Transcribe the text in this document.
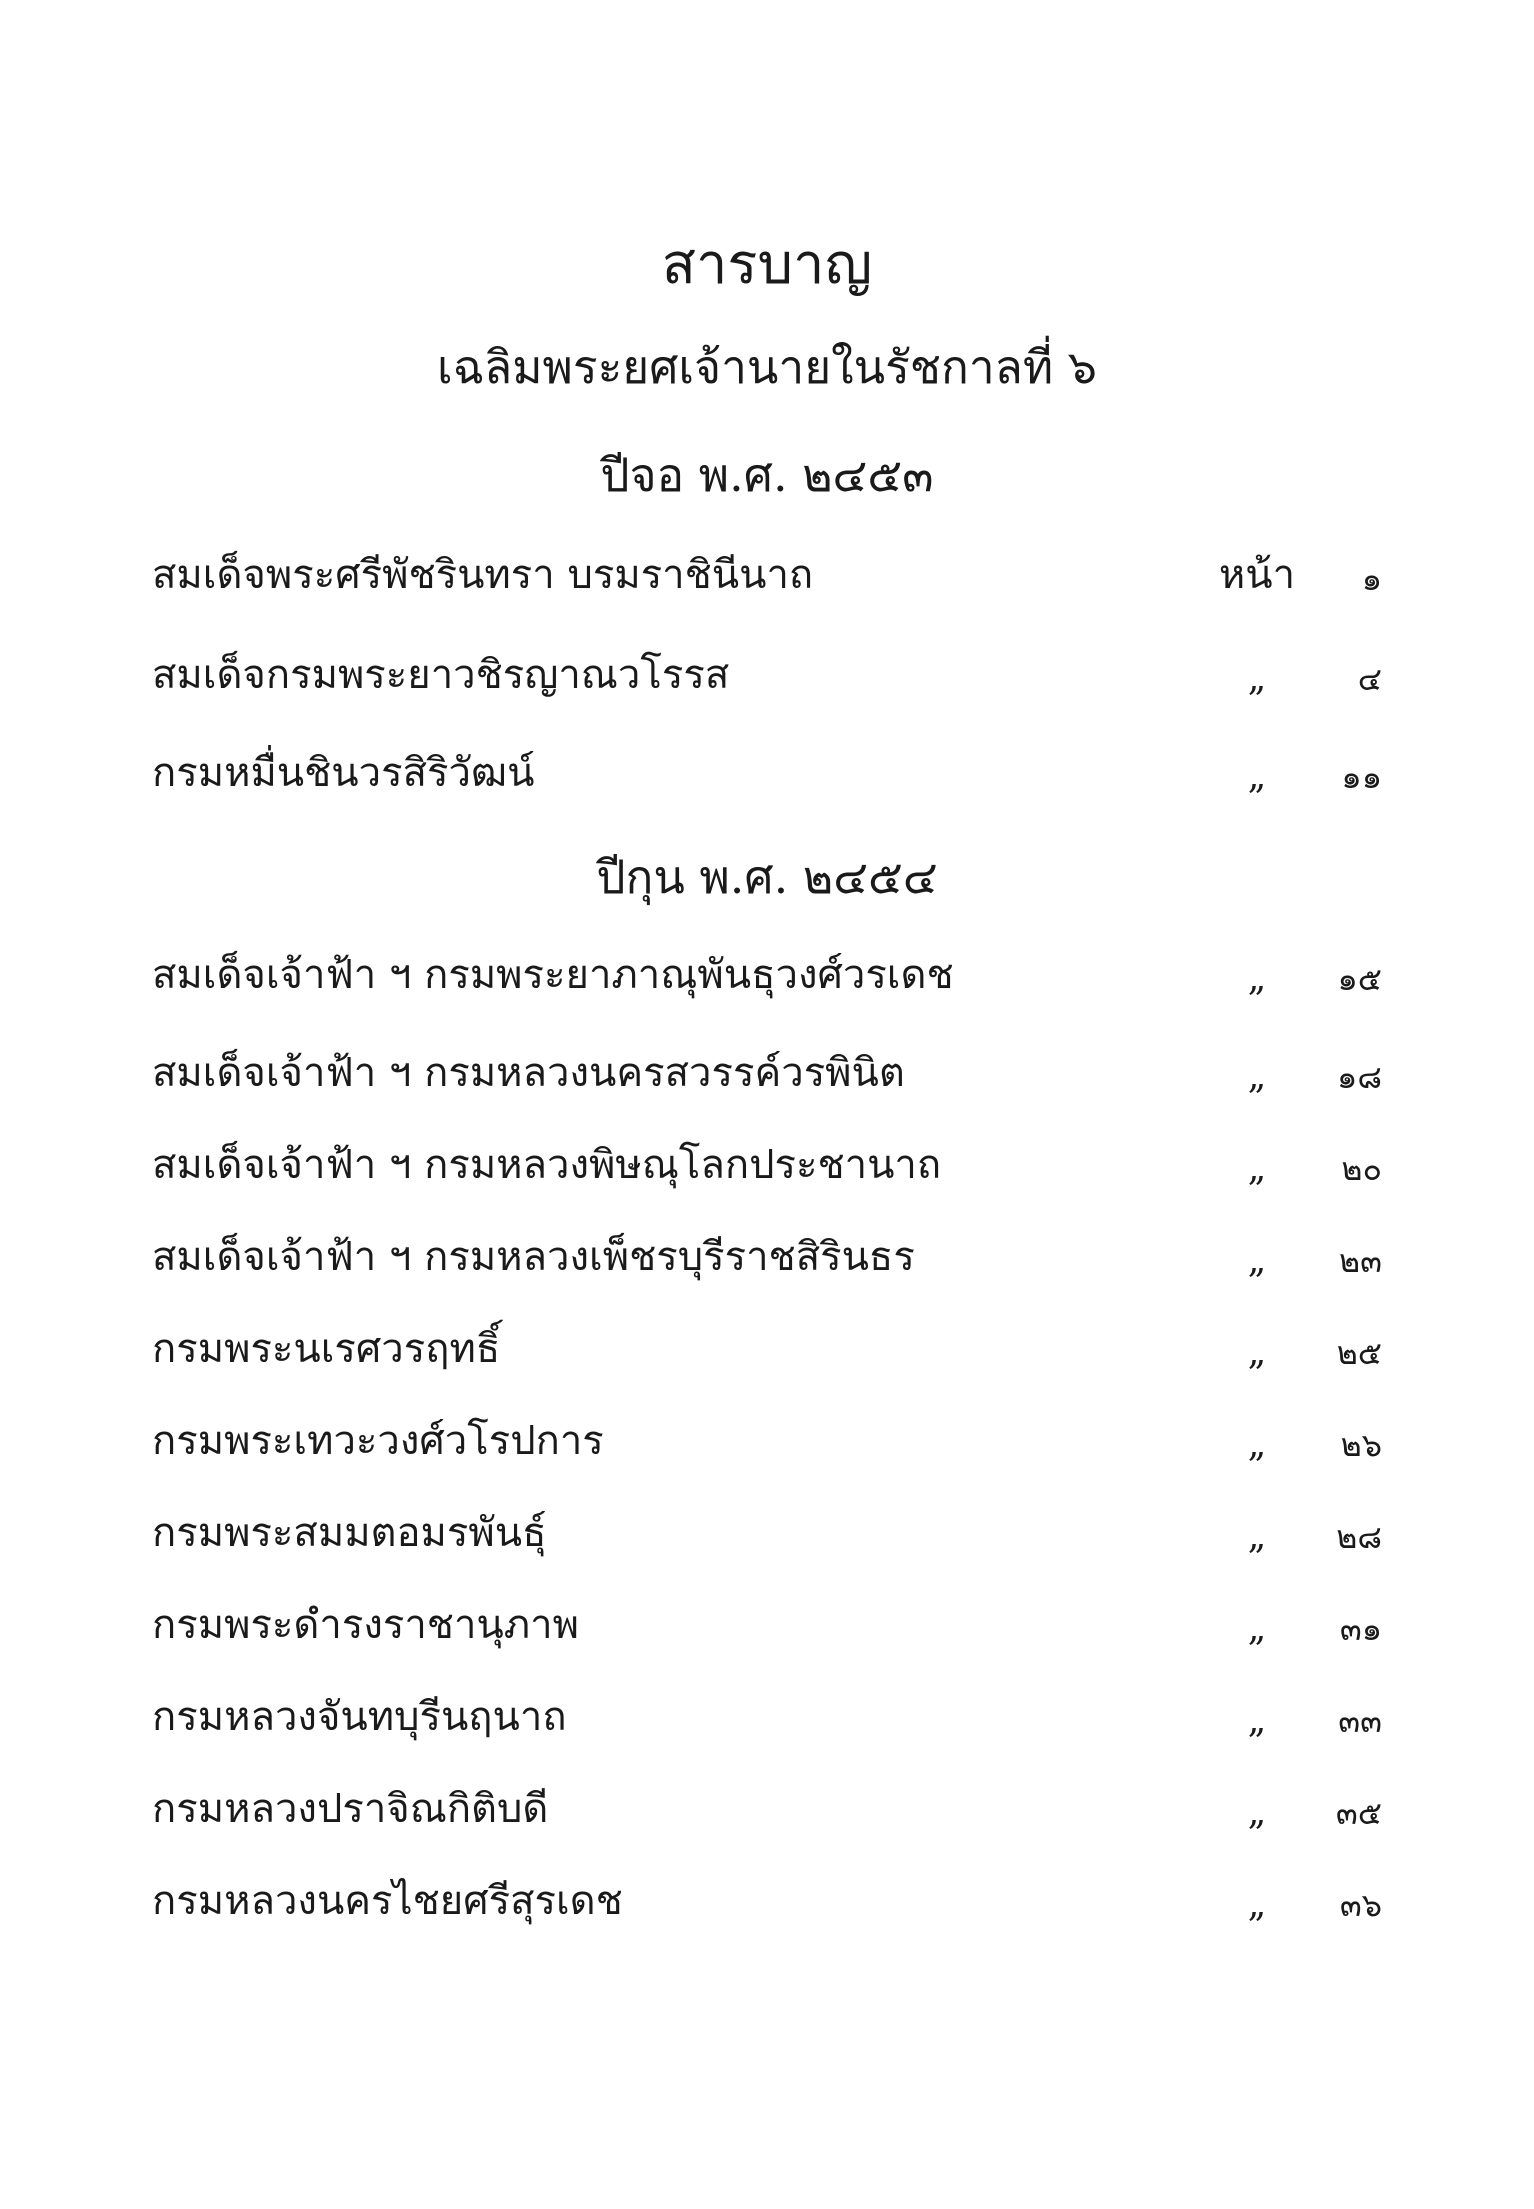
สารบาญ
เฉลิมพระยศเจ้านายในรัชกาลที่ ๖
ปีจอ พ.ศ. ๒๔๕๓
สมเด็จพระศรีพัชรินทรา บรมราชินีนาถ	หน้า	๑
สมเด็จกรมพระยาวชิรญาณวโรรส	„	๔
กรมหมื่นชินวรสิริวัฒน์	„	๑๑
ปีกุน พ.ศ. ๒๔๕๔
สมเด็จเจ้าฟ้า ฯ กรมพระยาภาณุพันธุวงศ์วรเดช	„	๑๕
สมเด็จเจ้าฟ้า ฯ กรมหลวงนครสวรรค์วรพินิต	„	๑๘
สมเด็จเจ้าฟ้า ฯ กรมหลวงพิษณุโลกประชานาถ	„	๒๐
สมเด็จเจ้าฟ้า ฯ กรมหลวงเพ็ชรบุรีราชสิรินธร	„	๒๓
กรมพระนเรศวรฤทธิ์	„	๒๕
กรมพระเทวะวงศ์วโรปการ	„	๒๖
กรมพระสมมตอมรพันธุ์	„	๒๘
กรมพระดำรงราชานุภาพ	„	๓๑
กรมหลวงจันทบุรีนฤนาถ	„	๓๓
กรมหลวงปราจิณกิติบดี	„	๓๕
กรมหลวงนครไชยศรีสุรเดช	„	๓๖
